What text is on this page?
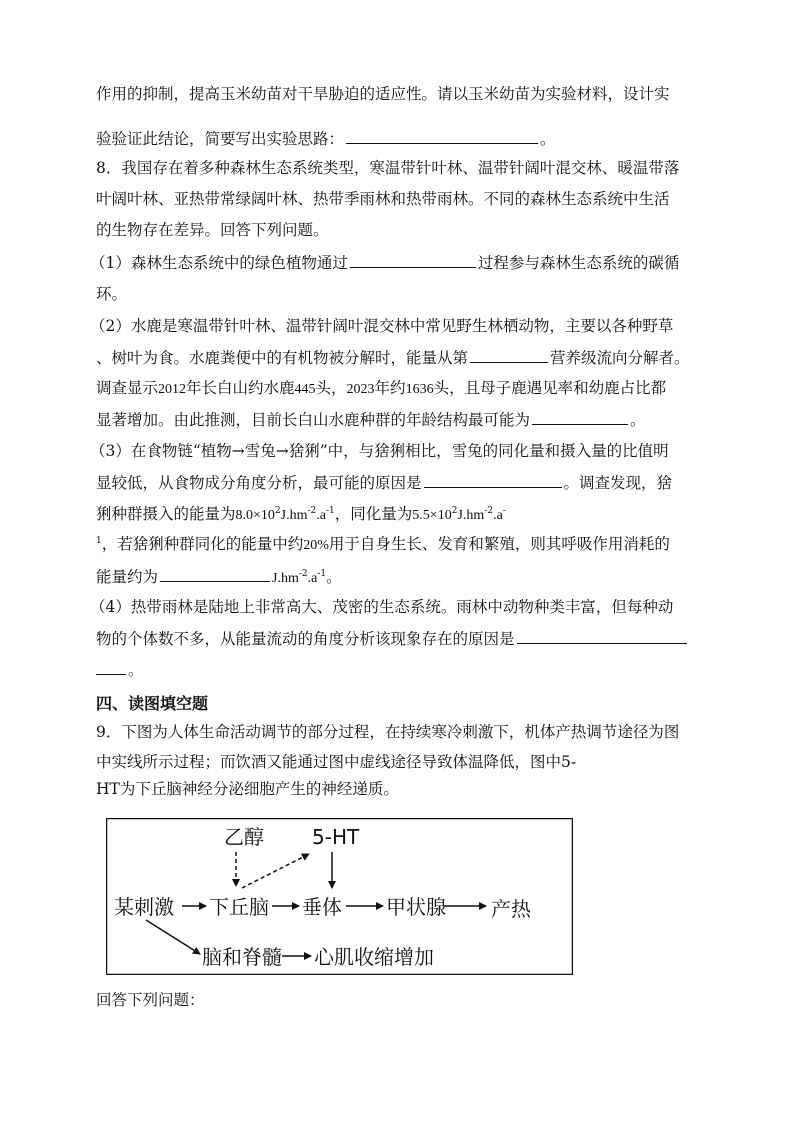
作用的抑制，提高玉米幼苗对干旱胁迫的适应性。请以玉米幼苗为实验材料，设计实
验验证此结论，简要写出实验思路：	。
8．我国存在着多种森林生态系统类型，寒温带针叶林、温带针阔叶混交林、暖温带落
叶阔叶林、亚热带常绿阔叶林、热带季雨林和热带雨林。不同的森林生态系统中生活
的生物存在差异。回答下列问题。
（1）森林生态系统中的绿色植物通过	过程参与森林生态系统的碳循
环。
（2）水鹿是寒温带针叶林、温带针阔叶混交林中常见野生林栖动物，主要以各种野草
、树叶为食。水鹿粪便中的有机物被分解时，能量从第	营养级流向分解者。
调查显示2012年长白山约水鹿445头，2023年约1636头，且母子鹿遇见率和幼鹿占比都
显著增加。由此推测，目前长白山水鹿种群的年龄结构最可能为	。
（3）在食物链“植物→雪兔→猞猁”中，与猞猁相比，雪兔的同化量和摄入量的比值明
显较低，从食物成分角度分析，最可能的原因是	。调查发现，猞
猁种群摄入的能量为$8.0\times 10^2J.hm^{-2}.a^{-1}$，同化量为$5.5\times 10^2J.hm^{-2}.a^-$
$^1$，若猞猁种群同化的能量中约20%用于自身生长、发育和繁殖，则其呼吸作用消耗的
能量约为	$J.hm^{-2}.a^{-1}$。
（4）热带雨林是陆地上非常高大、茂密的生态系统。雨林中动物种类丰富，但每种动
物的个体数不多，从能量流动的角度分析该现象存在的原因是
。
四、读图填空题
9．下图为人体生命活动调节的部分过程，在持续寒冷刺激下，机体产热调节途径为图
中实线所示过程；而饮酒又能通过图中虚线途径导致体温降低，图中5-
HT为下丘脑神经分泌细胞产生的神经递质。
乙醇 5-HT
某刺激 下丘脑 垂体 甲状腺 产热
脑和脊髓 心肌收缩增加
回答下列问题：
